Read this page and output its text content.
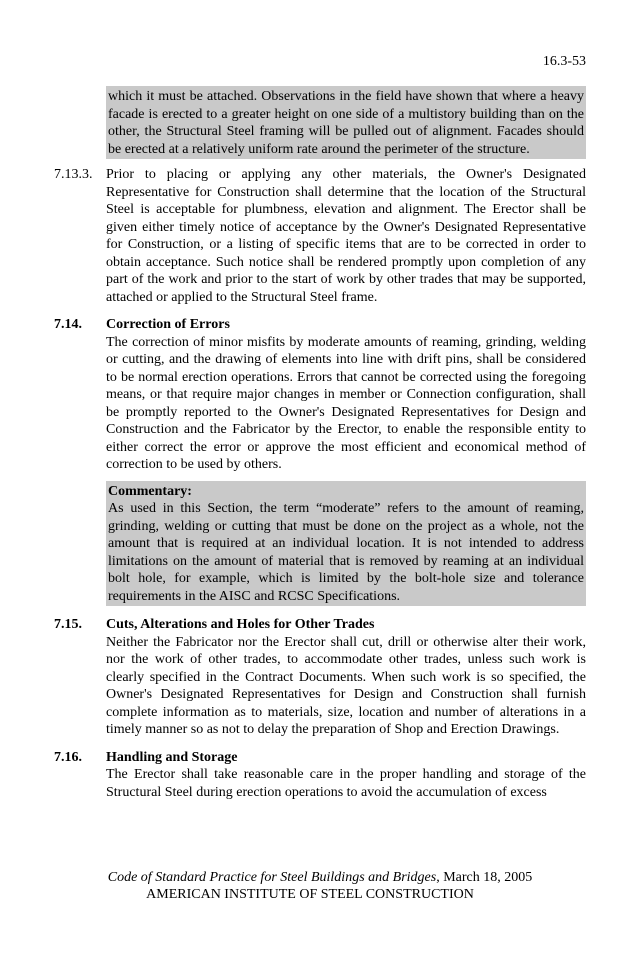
16.3-53
which it must be attached. Observations in the field have shown that where a heavy facade is erected to a greater height on one side of a multistory building than on the other, the Structural Steel framing will be pulled out of alignment. Facades should be erected at a relatively uniform rate around the perimeter of the structure.
7.13.3. Prior to placing or applying any other materials, the Owner's Designated Representative for Construction shall determine that the location of the Structural Steel is acceptable for plumbness, elevation and alignment. The Erector shall be given either timely notice of acceptance by the Owner's Designated Representative for Construction, or a listing of specific items that are to be corrected in order to obtain acceptance. Such notice shall be rendered promptly upon completion of any part of the work and prior to the start of work by other trades that may be supported, attached or applied to the Structural Steel frame.
7.14.	Correction of Errors
The correction of minor misfits by moderate amounts of reaming, grinding, welding or cutting, and the drawing of elements into line with drift pins, shall be considered to be normal erection operations. Errors that cannot be corrected using the foregoing means, or that require major changes in member or Connection configuration, shall be promptly reported to the Owner's Designated Representatives for Design and Construction and the Fabricator by the Erector, to enable the responsible entity to either correct the error or approve the most efficient and economical method of correction to be used by others.
Commentary:
As used in this Section, the term “moderate” refers to the amount of reaming, grinding, welding or cutting that must be done on the project as a whole, not the amount that is required at an individual location. It is not intended to address limitations on the amount of material that is removed by reaming at an individual bolt hole, for example, which is limited by the bolt-hole size and tolerance requirements in the AISC and RCSC Specifications.
7.15.	Cuts, Alterations and Holes for Other Trades
Neither the Fabricator nor the Erector shall cut, drill or otherwise alter their work, nor the work of other trades, to accommodate other trades, unless such work is clearly specified in the Contract Documents. When such work is so specified, the Owner's Designated Representatives for Design and Construction shall furnish complete information as to materials, size, location and number of alterations in a timely manner so as not to delay the preparation of Shop and Erection Drawings.
7.16.	Handling and Storage
The Erector shall take reasonable care in the proper handling and storage of the Structural Steel during erection operations to avoid the accumulation of excess
Code of Standard Practice for Steel Buildings and Bridges, March 18, 2005
AMERICAN INSTITUTE OF STEEL CONSTRUCTION
